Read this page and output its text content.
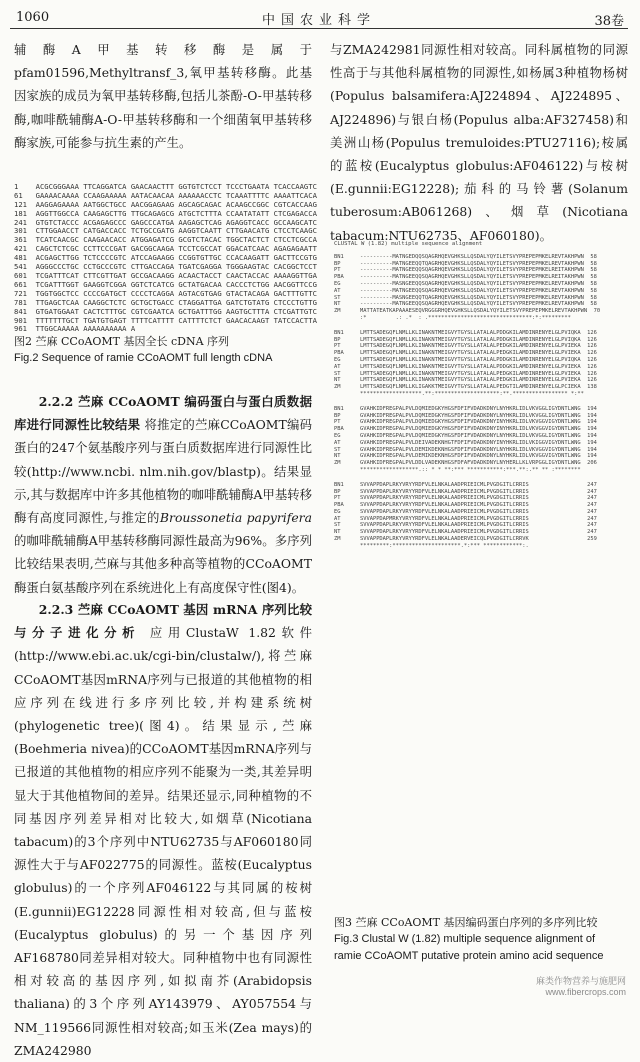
1060	中国农业科学	38卷

辅酶A甲基转移酶是属于pfam01596,Methyltransf_3,氧甲基转移酶。此基因家族的成员为氧甲基转移酶,包括儿茶酚-O-甲基转移酶,咖啡酰辅酶A-O-甲基转移酶和一个细菌氧甲基转移酶家族,可能参与抗生素的产生。

1    ACGCGGGAAA TTCAGGATCA GAACAACTTT GGTGTCTCCT TCCCTGAATA TCACCAAGTC
61   GAAAACAAAA CCAAGAAAAA AATACAACAA AAAAAACCTC TCAAATTTTC AAAATTCACA
121  AAGGAGAAAA AATGGCTGCC AACGGAGAAG AGCAGCAGAC ACAAGCCGGC CGTCACCAAG
181  AGGTTGGCCA CAAGAGCTTG TTGCAGAGCG ATGCTCTTTA CCAATATATT CTCGAGACCA
241  GTGTCTACCC ACGAGAGCCC GAGCCCATGA AAGAGCTCAG AGAGGTCACC GCCAAGCATC
301  CTTGGAACCT CATGACCACC TCTGCCGATG AAGGTCAATT CTTGAACATG CTCCTCAAGC
361  TCATCAACGC CAAGAACACC ATGGAGATCG GCGTCTACAC TGGCTACTCT CTCCTCGCCA
421  CAGCTCTCGC CCTTCCCGAT GACGGCAAGA TCCTCGCCAT GGACATCAAC AGAGAGAATT
481  ACGAGCTTGG TCTCCCCGTC ATCCAGAAGG CCGGTGTTGC CCACAAGATT GACTTCCGTG
541  AGGGCCCTGC CCTGCCCGTC CTTGACCAGA TGATCGAGGA TGGGAAGTAC CACGGCTCCT
601  TCGATTTCAT CTTCGTTGAT GCCGACAAGG ACAACTACCT CAACTACCAC AAAAGGTTGA
661  TCGATTTGGT GAAGGTCGGA GGTCTCATCG GCTATGACAA CACCCTCTGG AACGGTTCCG
721  TGGTGGCTCC CCCCGATGCT CCCCTCAGGA AGTACGTGAG GTACTACAGA GACTTTGTTC
781  TTGAGCTCAA CAAGGCTCTC GCTGCTGACC CTAGGATTGA GATCTGTATG CTCCCTGTTG
841  GTGATGGAAT CACTCTTTGC CGTCGAATCA GCTGATTTGG AAGTGCTTTA CTCGATTGTC
901  TTTTTTTGCT TGATGTGAGT TTTTCATTTT CATTTTCTCT GAACACAAGT TATCCACTTA
961  TTGGCAAAAA AAAAAAAAAA A

图2 苎麻 CCoAOMT 基因全长 cDNA 序列
Fig.2 Sequence of ramie CCoAOMT full length cDNA

2.2.2 苎麻 CCoAOMT 编码蛋白与蛋白质数据库进行同源性比较结果 将推定的苎麻CCoAOMT编码蛋白的247个氨基酸序列与蛋白质数据库进行同源性比较(http://www.ncbi. nlm.nih.gov/blastp)。结果显示,其与数据库中许多其他植物的咖啡酰辅酶A甲基转移酶有高度同源性,与推定的Broussonetia papyrifera的咖啡酰辅酶A甲基转移酶同源性最高为96%。多序列比较结果表明,苎麻与其他多种高等植物的CCoAOMT酶蛋白氨基酸序列在系统进化上有高度保守性(图4)。

2.2.3 苎麻 CCoAOMT 基因 mRNA 序列比较与分子进化分析 应用ClustaW 1.82软件(http://www.ebi.ac.uk/cgi-bin/clustalw/),将苎麻CCoAOMT基因mRNA序列与已报道的其他植物的相应序列在线进行多序列比较,并构建系统树(phylogenetic tree)(图4)。结果显示,苎麻(Boehmeria nivea)的CCoAOMT基因mRNA序列与已报道的其他植物的相应序列不能聚为一类,其差异明显大于其他植物间的差异。结果还显示,同种植物的不同基因序列差异相对比较大,如烟草(Nicotiana tabacum)的3个序列中NTU62735与AF060180同源性大于与AF022775的同源性。蓝桉(Eucalyptus globulus)的一个序列AF046122与其同属的桉树(E.gunnii)EG12228同源性相对较高,但与蓝桉(Eucalyptus globulus)的另一个基因序列AF168780同差异相对较大。同种植物中也有同源性相对较高的基因序列,如拟南芥(Arabidopsis thaliana)的3个序列AY143979、AY057554与NM_119566同源性相对较高;如玉米(Zea mays)的ZMA242980

与ZMA242981同源性相对较高。同科属植物的同源性高于与其他科属植物的同源性,如杨属3种植物杨树(Populus balsamifera:AJ224894、AJ224895、AJ224896)与银白杨(Populus alba:AF327458)和美洲山杨(Populus tremuloides:PTU27116);桉属的蓝桉(Eucalyptus globulus:AF046122)与桉树(E.gunnii:EG12228);茄科的马铃薯(Solanum tuberosum:AB061268)、烟草(Nicotiana tabacum:NTU62735、AF060180)。

CLUSTAL W (1.82) multiple sequence alignment
BN1     ----------MATNGEDQQSQAGRHQEVGHKSLLQSDALYQYILETSVYPREPEPMKELREVTAKHPWN  58
BP      ----------MATNGEEQQTQAGRHQEVGHKSLLQSDALYQYILETSVYPREPEPMKELREVTAKHPWN  58
PT      ----------MATNGEEQQSQAGRHQEVGHKSLLQSDALYQYILETSVYPREPEPMKELREITAKHPWN  58
PBA     ----------MATNGEEQQSQAGRHQEVGHKSLLQSDALYQYILETSVYPREPEPMKELREITAKHPWN  58
EG      ----------MASNGEEQQSQAGRHQEVGHKSLLQSDALYQYILETSVYPREPEPMKELREVTAKHPWN  58
AT      ----------MATNGEEQQSQAGRHQEVGHKSLLQSDALYQYILETSVYPREPEPMKELREVTAKHPWN  58
ST      ----------MASNGEEQQTQAGRHQEVGHKSLLQSDALYQYILETSVYPREPEPMKELREVTAKHPWN  58
NT      ----------MATNGEEQQSQAGRHQEVGHKSLLQSDALYQYILETSVYPREPEPMKELREVTAKHPWN  58
ZM      MATTATEATKAPAAAESEQVRGGGRHQEVGHKSLLQSDALYQYILETSVYPREPEPMKELREVTAKHPWN  70
:*         .: .*  : .********************************:*:*********
BN1     LMTTSADEGQFLNMLLKLINAKNTMEIGVYTGYSLLATALALPDDGKILAMDINRENYELGLPVIQKA  126
BP      LMTTSADEGQFLNMLLKLINAKNTMEIGVYTGYSLLATALALPDDGKILAMDINRENYELGLPVIQKA  126
PT      LMTTSADEGQFLNMLLKLINAKNTMEIGVYTGYSLLATALALPEDGKILAMDINRENYELGLPVIEKA  126
PBA     LMTTSADEGQFLNMLLKLINAKNTMEIGVYTGYSLLATALALPEDGKILAMDINRENYELGLPVIEKA  126
EG      LMTTSADEGQFLNMLLKLINAKNTMEIGVYTGYSLLATALALPDDGKILAMDINRENYELGLPVIQKA  126
AT      LMTTSADEGQFLNMLLKLINAKNTMEIGVYTGYSLLATALALPDDGKILAMDINRENYELGLPVIEKA  126
ST      LMTTSADEGQFLNMLLKLINAKNTMEIGVYTGYSLLATALALPEDGKILAMDINRENYELGLPVIEKA  126
NT      LMTTSADEGQFLNMLLKLINAKNTMEIGVYTGYSLLATALALPEDGKILAMDINRENYELGLPVIEKA  126
ZM      LMTTSADEGQFLNMLLKLIGAKKTMEIGVYTGYSLLATALALPEDGTILAMDINRENYELGLPCIEKA  138
*******************.**:********************:**.***************** *:**
BN1     GVAHKIDFREGPALPVLDQMIEDGKYHGSFDFIFVDADKDNYLNYHKRLIDLVKVGGLIGYDNTLWNG  194
BP      GVAHKIDFREGPALPVLDQMIEDGKYHGSFDFIFVDADKDNYLNYHKRLIDLVKVGGLIGYDNTLWNG  194
PT      GVAHKIDFREGPALPVLDQMIEDGKYHGSFDFIFVDADKDNYINYHKRLIDLVKVGGVIGYDNTLWNG  194
PBA     GVAHKIDFREGPALPVLDQMIEDGKYHGSFDFIFVDADKDNYINYHKRLIDLVKVGGVIGYDNTLWNG  194
EG      GVAHKIDFREGPALPVLDQMIEDGKYHGSFDFIFVDADKDNYLNYHKRLIDLVKVGGLIGYDNTLWNG  194
AT      GVAHKIDFREGPALPVLDEIVADEKNHGTFDFIFVDADKDNYINYHKRLIDLVKIGGVIGYDNTLWNG  194
ST      GVAHKIDFREGPALPVLDEMIKDEKNHGSFDFIFVDADKDNYLNYHKRLIDLVKVGGVIGYDNTLWNG  194
NT      GVAHKIDFREGPALPVLDEMIKDEKNHGSFDFIFVDADKDNYLNYHKRLIDLVKVGGVIGYDNTLWNG  194
ZM      GVAHKIDFREGPALPVLDDLVADEKNHGSFDFAFVDADKDNYLNYHERLLKLVRPGGLIGYDNTLWNG  206
******************.:: * * **:*** ***********:***.**:.** ** :********
BN1     SVVAPPDAPLRKYVRYYRDFVLELNKALAADPRIEICMLPVGDGITLCRRIS                  247
BP      SVVAPPDAPLRKYVRYYRDFVLELNKALAADPRIEICMLPVGDGITLCRRIS                  247
PT      SVVAPPDAPLRKYVRYYRDFVLELNKALAADPRIEICMLPVGDGITLCRRIS                  247
PBA     SVVAPPDAPLRKYVRYYRDFVLELNKALAADPRIEICMLPVGDGITLCRRIS                  247
EG      SVVAPPDAPLRKYVRYYRDFVLELNKALAADPRIEICMLPVGDGITLCRRIS                  247
AT      SVVAPPDAPMRKYVRYYRDFVLELNKALAADPRIEICMLPVGDGITLCRRIS                  247
ST      SVVAPPDAPLRKYVRYYRDFVLELNKALAADPRIEICMLPVGDGITLCRRIS                  247
NT      SVVAPPDAPLRKYVRYYRDFVLELNKALAADPRIEICMLPVGDGITLCRRIS                  247
ZM      SVVAPPDAPLRKYVRYYRDFVLELNKALAADERVEICQLPVGDGITLCRRVK                  259
*********:*********************.*:*** ************:.
图3 苎麻 CCoAOMT 基因编码蛋白序列的多序列比较
Fig.3 Clustal W (1.82) multiple sequence alignment of ramie CCoAOMT putative protein amino acid sequence
麻类作物营养与施肥网
www.fibercrops.com
